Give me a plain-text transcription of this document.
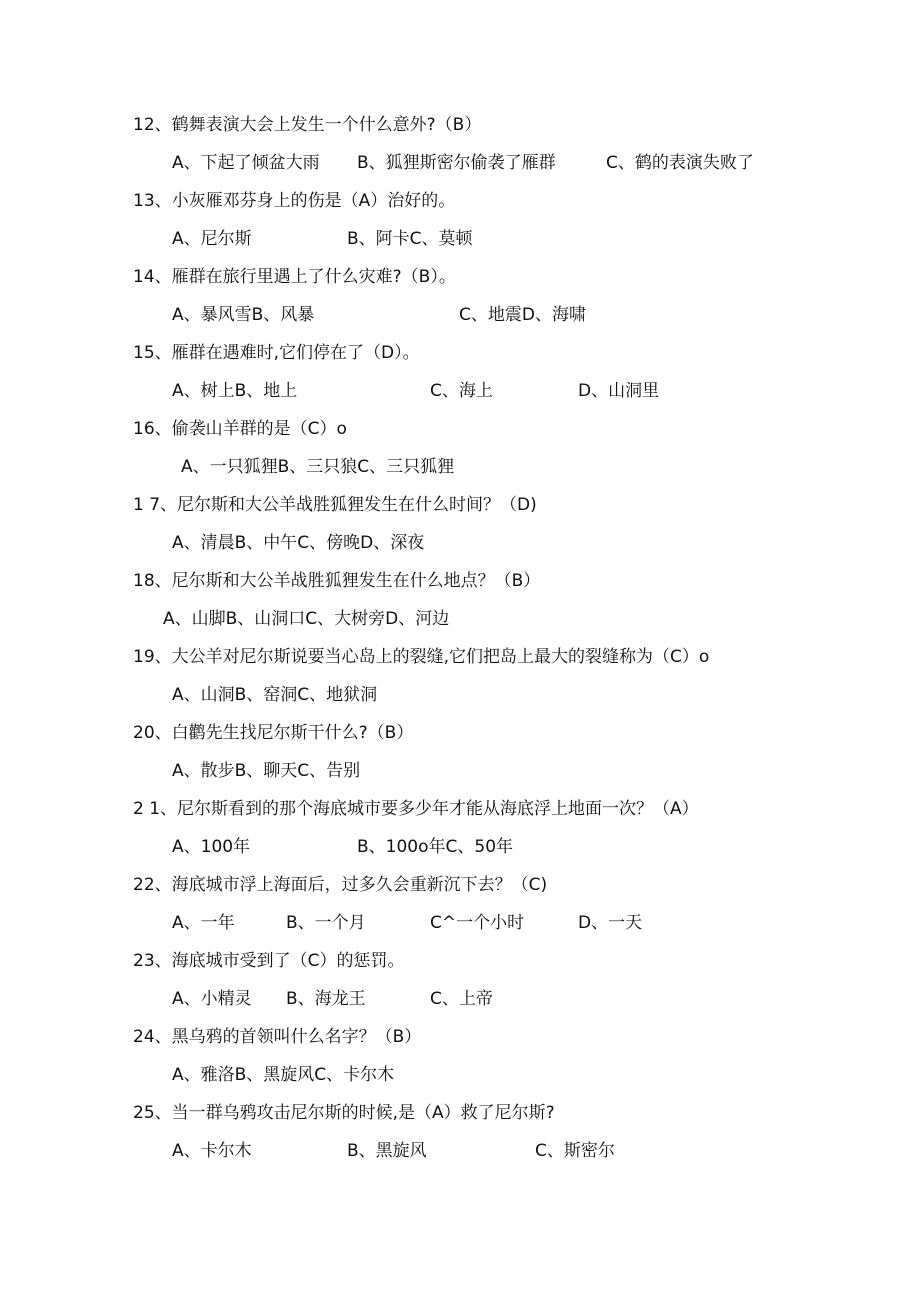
12、鹤舞表演大会上发生一个什么意外?（B）
A、下起了倾盆大雨 B、狐狸斯密尔偷袭了雁群	C、鹤的表演失败了
13、小灰雁邓芬身上的伤是（A）治好的。
A、尼尔斯	B、阿卡C、莫顿
14、雁群在旅行里遇上了什么灾难?（B）。
A、暴风雪B、风暴	C、地震D、海啸
15、雁群在遇难时,它们停在了（D）。
A、树上B、地上	C、海上	D、山洞里
16、偷袭山羊群的是（C）o
A、一只狐狸B、三只狼C、三只狐狸
1 7、尼尔斯和大公羊战胜狐狸发生在什么时间？（D)
A、清晨B、中午C、傍晚D、深夜
18、尼尔斯和大公羊战胜狐狸发生在什么地点？（B）
A、山脚B、山洞口C、大树旁D、河边
19、大公羊对尼尔斯说要当心岛上的裂缝,它们把岛上最大的裂缝称为（C）o
A、山洞B、窑洞C、地狱洞
20、白鹳先生找尼尔斯干什么?（B）
A、散步B、聊天C、告别
2 1、尼尔斯看到的那个海底城市要多少年才能从海底浮上地面一次？（A）
A、100年	B、100o年C、50年
22、海底城市浮上海面后，过多久会重新沉下去？（C)
A、一年	B、一个月	C^一个小时	D、一天
23、海底城市受到了（C）的惩罚。
A、小精灵 B、海龙王	C、上帝
24、黑乌鸦的首领叫什么名字？（B）
A、雅洛B、黑旋风C、卡尔木
25、当一群乌鸦攻击尼尔斯的时候,是（A）救了尼尔斯?
A、卡尔木	B、黑旋风	C、斯密尔
